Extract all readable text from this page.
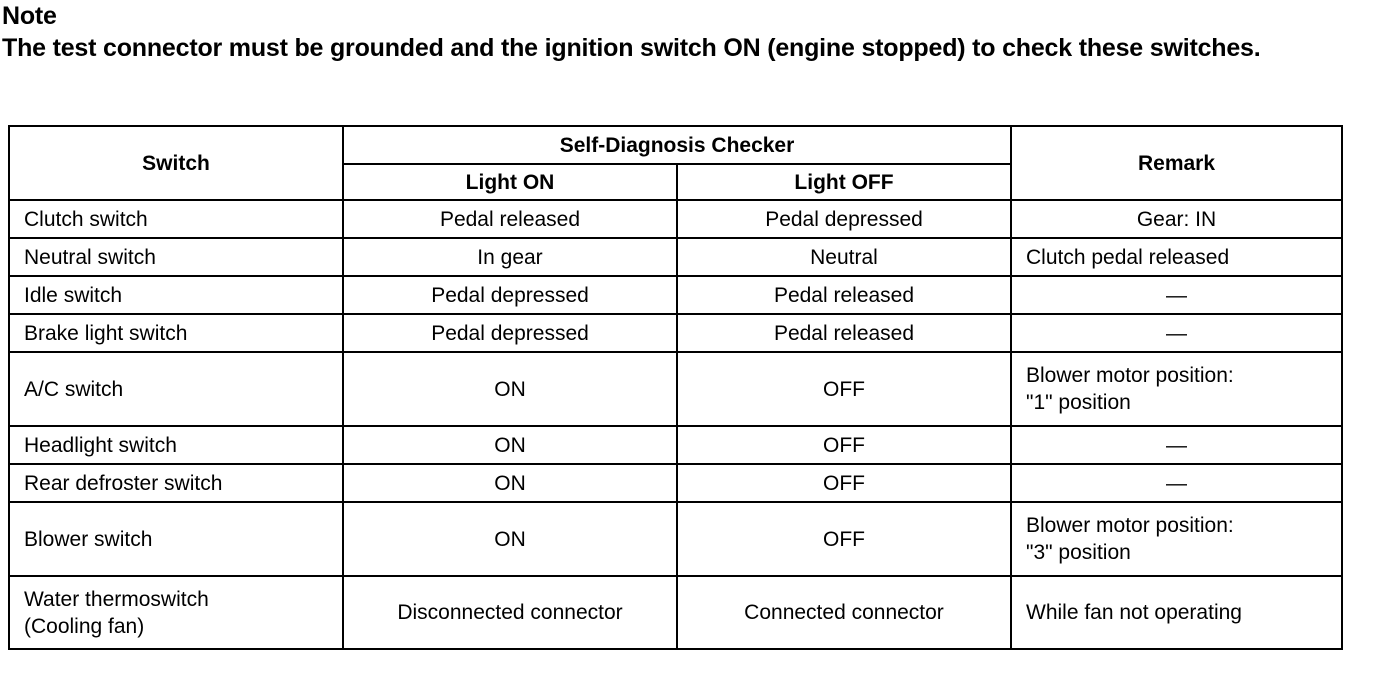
Note
The test connector must be grounded and the ignition switch ON (engine stopped) to check these switches.
Switch	Self-Diagnosis Checker		Remark
	Light ON	Light OFF	
Clutch switch	Pedal released	Pedal depressed	Gear: IN
Neutral switch	In gear	Neutral	Clutch pedal released
Idle switch	Pedal depressed	Pedal released	—
Brake light switch	Pedal depressed	Pedal released	—
A/C switch	ON	OFF	Blower motor position:
"1" position

Headlight switch	ON	OFF	—
Rear defroster switch	ON	OFF	—
Blower switch	ON	OFF	Blower motor position:
"3" position

Water thermoswitch
(Cooling fan)	Disconnected connector	Connected connector	While fan not operating
